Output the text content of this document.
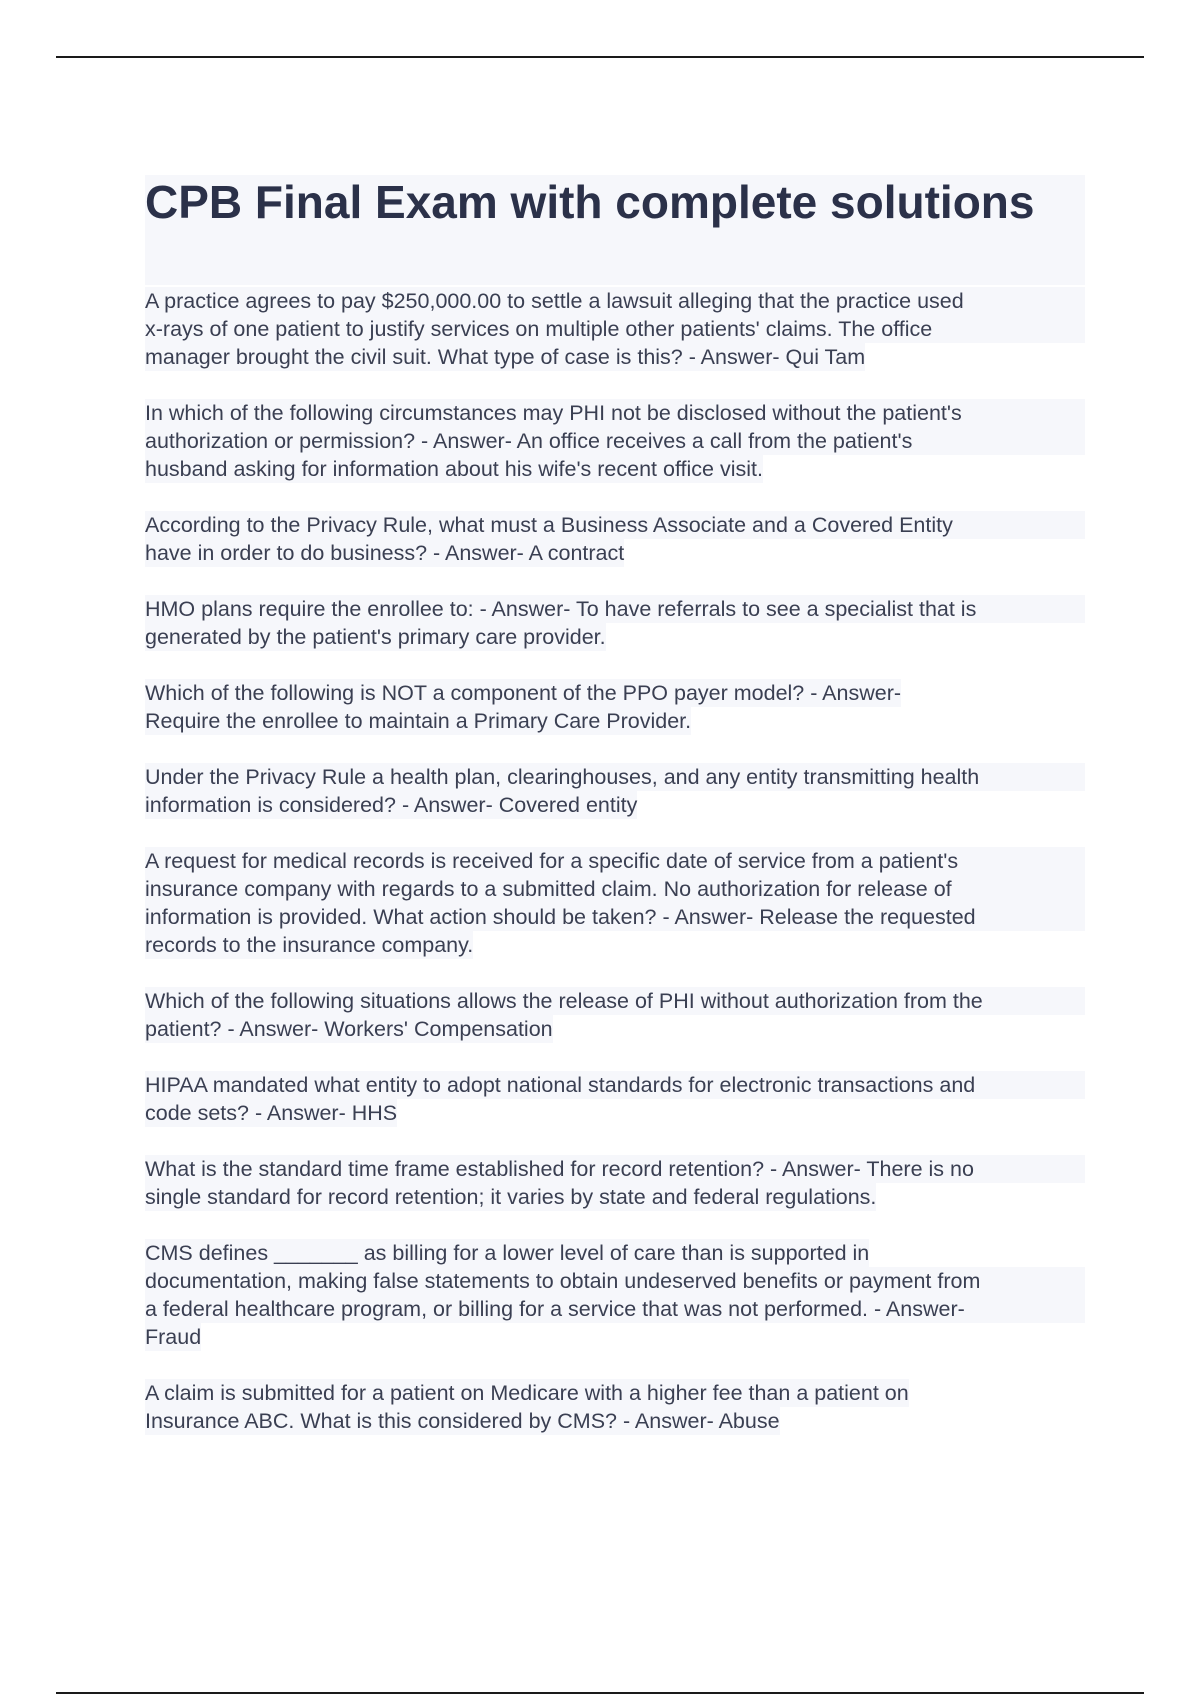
CPB Final Exam with complete solutions
A practice agrees to pay $250,000.00 to settle a lawsuit alleging that the practice used
x-rays of one patient to justify services on multiple other patients' claims. The office
manager brought the civil suit. What type of case is this? - Answer- Qui Tam
In which of the following circumstances may PHI not be disclosed without the patient's
authorization or permission? - Answer- An office receives a call from the patient's
husband asking for information about his wife's recent office visit.
According to the Privacy Rule, what must a Business Associate and a Covered Entity
have in order to do business? - Answer- A contract
HMO plans require the enrollee to: - Answer- To have referrals to see a specialist that is
generated by the patient's primary care provider.
Which of the following is NOT a component of the PPO payer model? - Answer-
Require the enrollee to maintain a Primary Care Provider.
Under the Privacy Rule a health plan, clearinghouses, and any entity transmitting health
information is considered? - Answer- Covered entity
A request for medical records is received for a specific date of service from a patient's
insurance company with regards to a submitted claim. No authorization for release of
information is provided. What action should be taken? - Answer- Release the requested
records to the insurance company.
Which of the following situations allows the release of PHI without authorization from the
patient? - Answer- Workers' Compensation
HIPAA mandated what entity to adopt national standards for electronic transactions and
code sets? - Answer- HHS
What is the standard time frame established for record retention? - Answer- There is no
single standard for record retention; it varies by state and federal regulations.
CMS defines _______ as billing for a lower level of care than is supported in
documentation, making false statements to obtain undeserved benefits or payment from
a federal healthcare program, or billing for a service that was not performed. - Answer-
Fraud
A claim is submitted for a patient on Medicare with a higher fee than a patient on
Insurance ABC. What is this considered by CMS? - Answer- Abuse
